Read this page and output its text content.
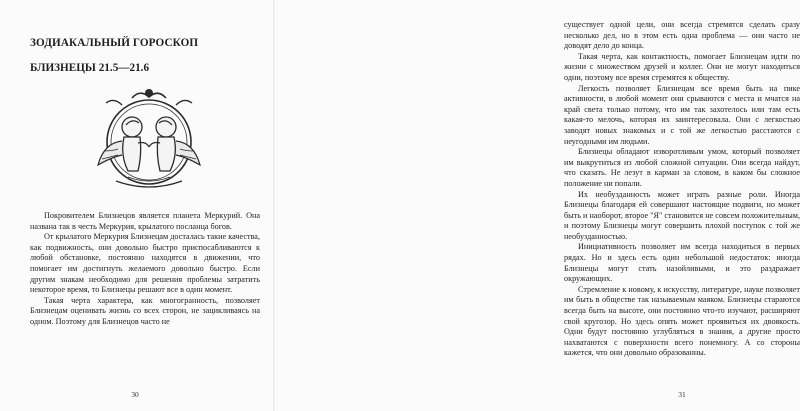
ЗОДИАКАЛЬНЫЙ ГОРОСКОП
БЛИЗНЕЦЫ 21.5—21.6

Покровителем Близнецов является планета Меркурий. Она названа так в честь Меркурия, крылатого посланца богов.

От крылатого Меркурия Близнецам досталась такие качества, как подвижность, они довольно быстро приспосабливаются к любой обстановке, постоянно находятся в движении, что помогает им достигнуть желаемого довольно быстро. Если другим знакам необходимо для решения проблемы затратить некоторое время, то Близнецы решают все в один момент.

Такая черта характера, как многогранность, позволяет Близнецам оценивать жизнь со всех сторон, не зацикливаясь на одном. Поэтому для Близнецов часто не

30

существует одной цели, они всегда стремятся сделать сразу несколько дел, но в этом есть одна проблема — они часто не доводят дело до конца.

Такая черта, как контактность, помогает Близнецам идти по жизни с множеством друзей и коллег. Они не могут находиться одни, поэтому все время стремятся к обществу.

Легкость позволяет Близнецам все время быть на пике активности, в любой момент они срываются с места и мчатся на край света только потому, что им так захотелось или там есть какая-то мелочь, которая их заинтересовала. Они с легкостью заводят новых знакомых и с той же легкостью расстаются с неугодными им людьми.

Близнецы обладают изворотливым умом, который позволяет им выкрутиться из любой сложной ситуации. Они всегда найдут, что сказать. Не лезут в карман за словом, в каком бы сложное положение ни попали.

Их необузданность может играть разные роли. Иногда Близнецы благодаря ей совершают настоящие подвиги, но может быть и наоборот, второе "Я" становится не совсем положительным, и поэтому Близнецы могут совершить плохой поступок с той же необузданностью.

Инициативность позволяет им всегда находиться в первых рядах. Но и здесь есть один небольшой недостаток: иногда Близнецы могут стать назойливыми, и это раздражает окружающих.

Стремление к новому, к искусству, литературе, науке позволяет им быть в обществе так называемым маяком. Близнецы стараются всегда быть на высоте, они постоянно что-то изучают, расширяют свой кругозор. Но здесь опять может проявиться их двоякость. Одни будут постоянно углубляться в знания, а другие просто нахватаются с поверхности всего понемногу. А со стороны кажется, что они довольно образованны.

31
